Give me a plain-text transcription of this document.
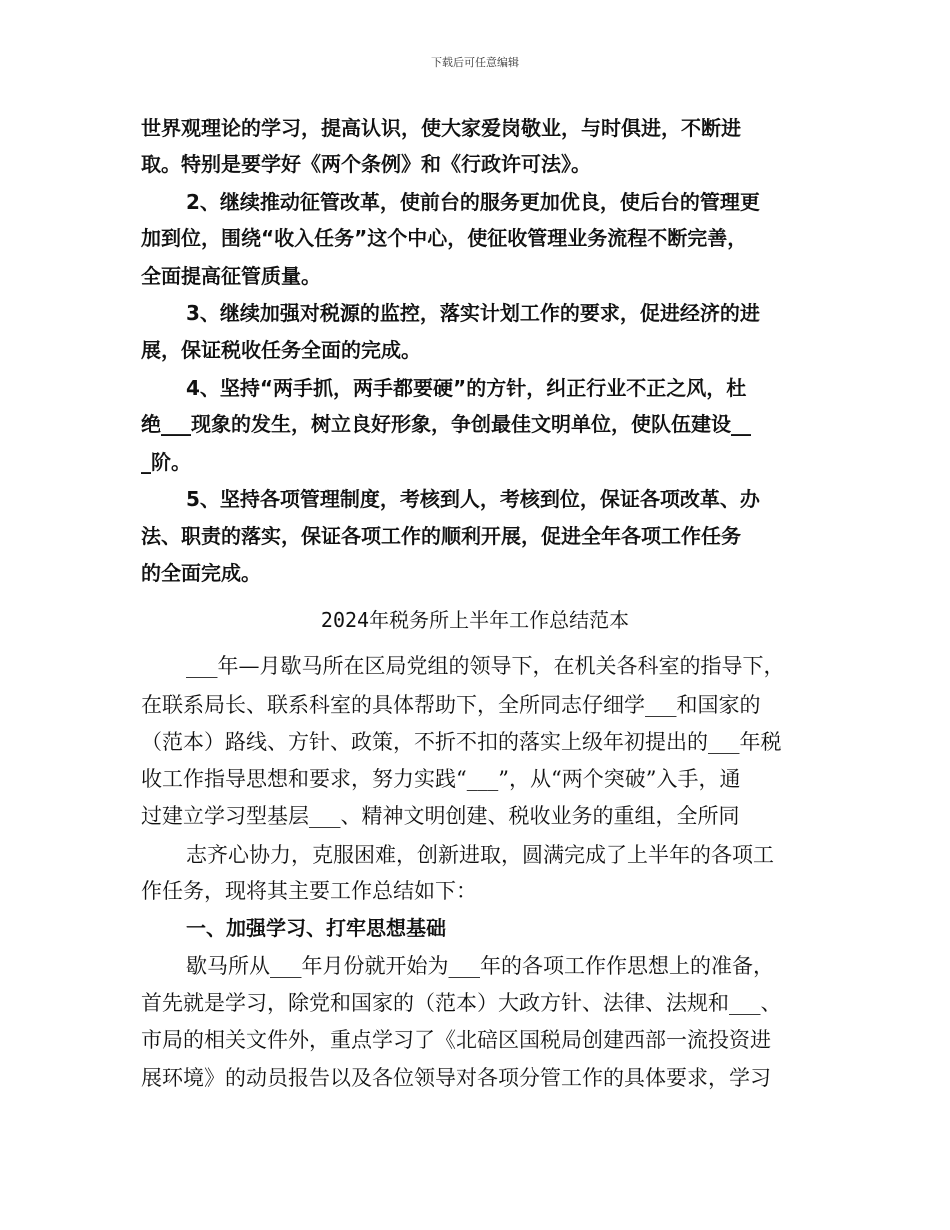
下载后可任意编辑
世界观理论的学习，提高认识，使大家爱岗敬业，与时俱进，不断进
取。特别是要学好《两个条例》和《行政许可法》。
2、继续推动征管改革，使前台的服务更加优良，使后台的管理更
加到位，围绕“收入任务”这个中心，使征收管理业务流程不断完善，
全面提高征管质量。
3、继续加强对税源的监控，落实计划工作的要求，促进经济的进
展，保证税收任务全面的完成。
4、坚持“两手抓，两手都要硬”的方针，纠正行业不正之风，杜
绝___现象的发生，树立良好形象，争创最佳文明单位，使队伍建设__
_阶。
5、坚持各项管理制度，考核到人，考核到位，保证各项改革、办
法、职责的落实，保证各项工作的顺利开展，促进全年各项工作任务
的全面完成。
2024年税务所上半年工作总结范本
___年—月歇马所在区局党组的领导下，在机关各科室的指导下，
在联系局长、联系科室的具体帮助下，全所同志仔细学___和国家的
（范本）路线、方针、政策，不折不扣的落实上级年初提出的___年税
收工作指导思想和要求，努力实践“___”，从“两个突破”入手，通
过建立学习型基层___、精神文明创建、税收业务的重组，全所同
志齐心协力，克服困难，创新进取，圆满完成了上半年的各项工
作任务，现将其主要工作总结如下：
一、加强学习、打牢思想基础
歇马所从___年月份就开始为___年的各项工作作思想上的准备，
首先就是学习，除党和国家的（范本）大政方针、法律、法规和___、
市局的相关文件外，重点学习了《北碚区国税局创建西部一流投资进
展环境》的动员报告以及各位领导对各项分管工作的具体要求，学习
